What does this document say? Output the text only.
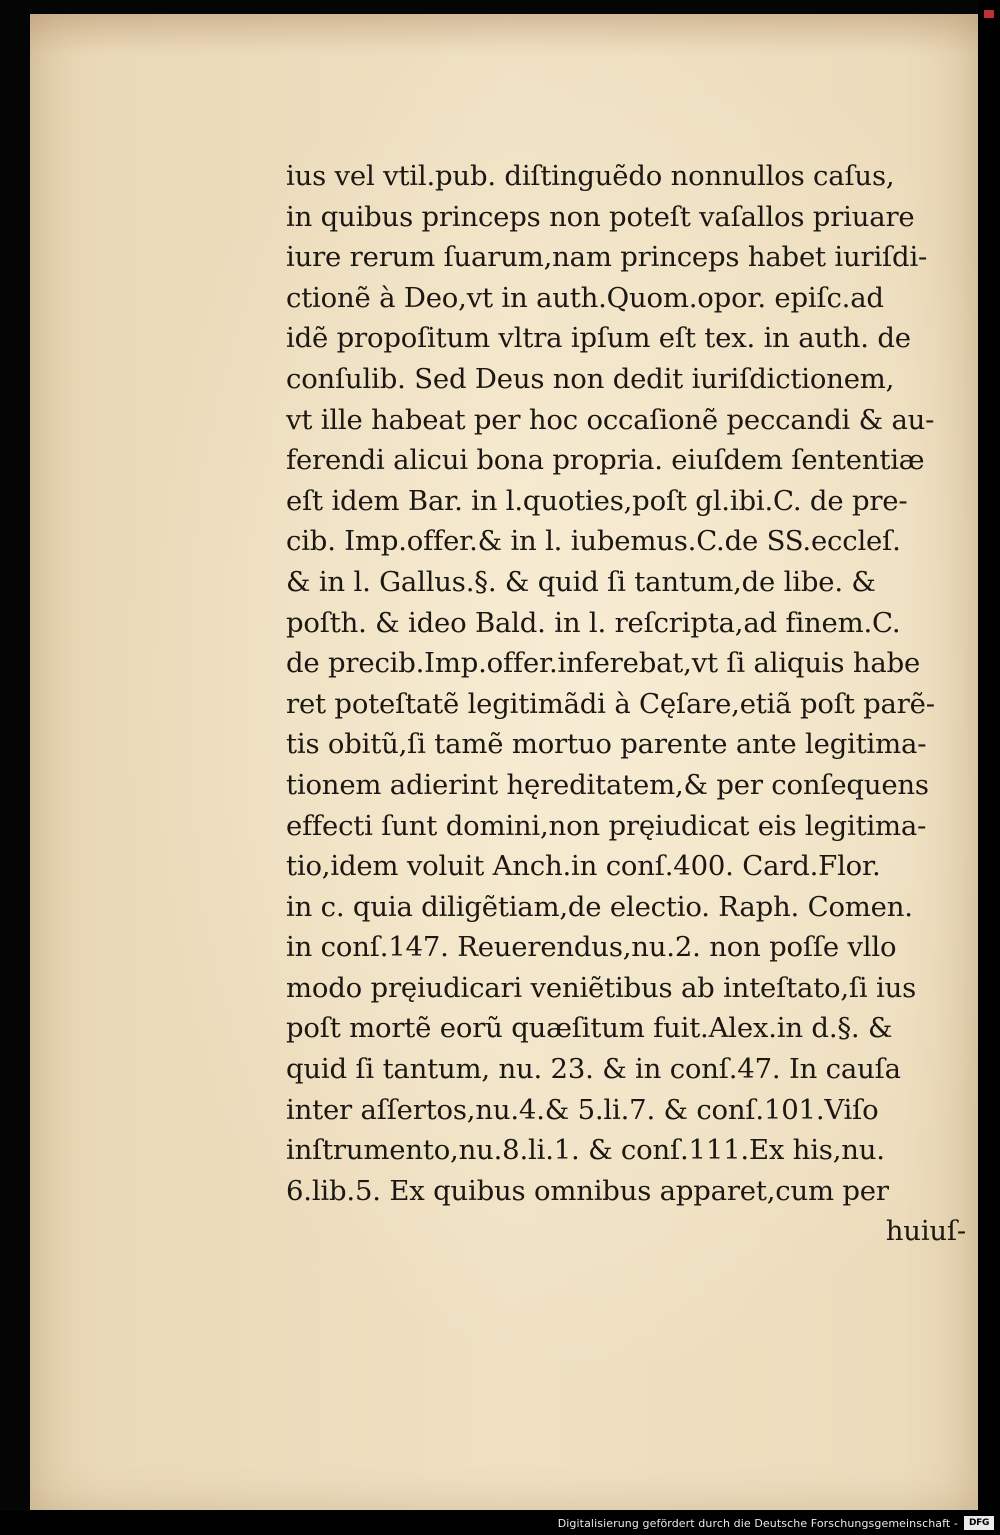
ius vel vtil.pub. diſtinguẽdo nonnullos caſus,
in quibus princeps non poteſt vaſallos priuare
iure rerum ſuarum,nam princeps habet iuriſdi-
ctionẽ à Deo,vt in auth.Quom.opor. epiſc.ad
idẽ propoſitum vltra ipſum eſt tex. in auth. de
conſulib. Sed Deus non dedit iuriſdictionem,
vt ille habeat per hoc occaſionẽ peccandi & au-
ferendi alicui bona propria. eiuſdem ſententiæ
eſt idem Bar. in l.quoties,poſt gl.ibi.C. de pre-
cib. Imp.offer.& in l. iubemus.C.de SS.eccleſ.
& in l. Gallus.§. & quid ſi tantum,de libe. &
poſth. & ideo Bald. in l. reſcripta,ad finem.C.
de precib.Imp.offer.inferebat,vt ſi aliquis habe
ret poteſtatẽ legitimãdi à Cęſare,etiã poſt parẽ-
tis obitũ,ſi tamẽ mortuo parente ante legitima-
tionem adierint hęreditatem,& per conſequens
effecti ſunt domini,non pręiudicat eis legitima-
tio,idem voluit Anch.in conſ.400. Card.Flor.
in c. quia diligẽtiam,de electio. Raph. Comen.
in conſ.147. Reuerendus,nu.2. non poſſe vllo
modo pręiudicari veniẽtibus ab inteſtato,ſi ius
poſt mortẽ eorũ quæſitum fuit.Alex.in d.§. &
quid ſi tantum, nu. 23. & in conſ.47. In cauſa
inter aſſertos,nu.4.& 5.li.7. & conſ.101.Viſo
inſtrumento,nu.8.li.1. & conſ.111.Ex his,nu.
6.lib.5. Ex quibus omnibus apparet,cum per
huiuſ-
Digitalisierung gefördert durch die Deutsche Forschungsgemeinschaft -	DFG
